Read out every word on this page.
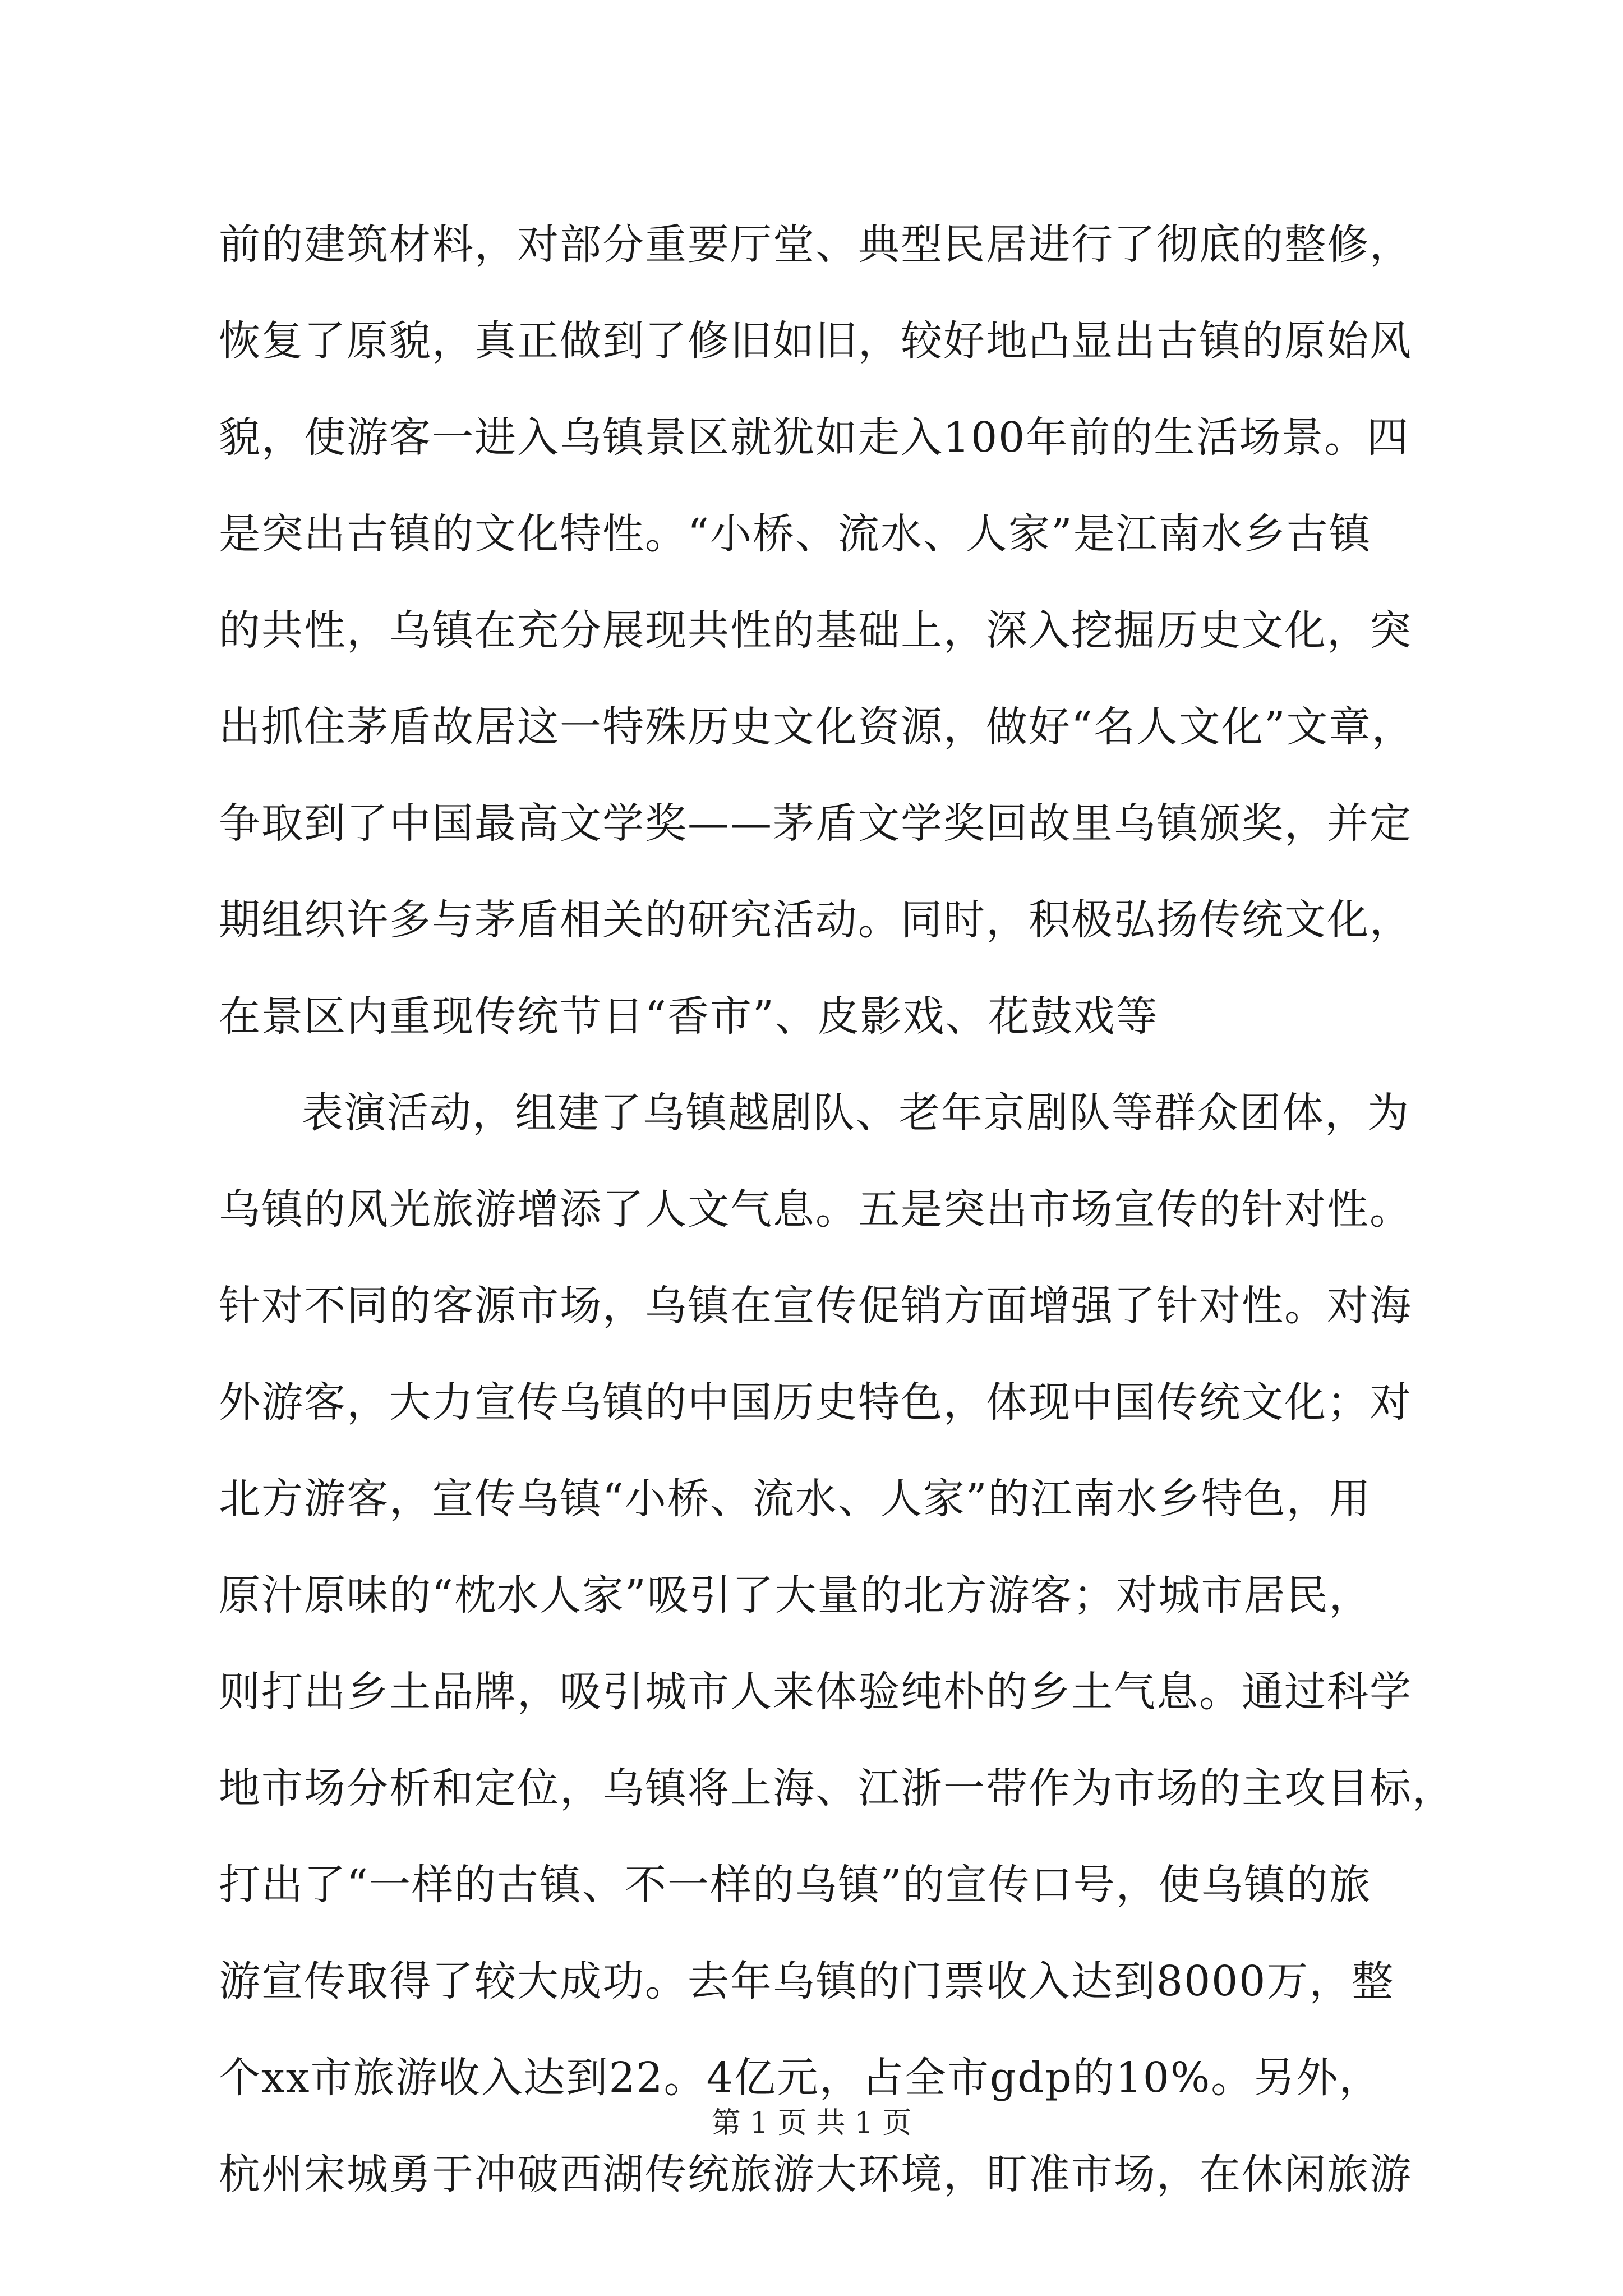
前的建筑材料，对部分重要厅堂、典型民居进行了彻底的整修，
恢复了原貌，真正做到了修旧如旧，较好地凸显出古镇的原始风
貌，使游客一进入乌镇景区就犹如走入100年前的生活场景。四
是突出古镇的文化特性。“小桥、流水、人家”是江南水乡古镇
的共性，乌镇在充分展现共性的基础上，深入挖掘历史文化，突
出抓住茅盾故居这一特殊历史文化资源，做好“名人文化”文章，
争取到了中国最高文学奖——茅盾文学奖回故里乌镇颁奖，并定
期组织许多与茅盾相关的研究活动。同时，积极弘扬传统文化，
在景区内重现传统节日“香市”、皮影戏、花鼓戏等
表演活动，组建了乌镇越剧队、老年京剧队等群众团体，为
乌镇的风光旅游增添了人文气息。五是突出市场宣传的针对性。
针对不同的客源市场，乌镇在宣传促销方面增强了针对性。对海
外游客，大力宣传乌镇的中国历史特色，体现中国传统文化；对
北方游客，宣传乌镇“小桥、流水、人家”的江南水乡特色，用
原汁原味的“枕水人家”吸引了大量的北方游客；对城市居民，
则打出乡土品牌，吸引城市人来体验纯朴的乡土气息。通过科学
地市场分析和定位，乌镇将上海、江浙一带作为市场的主攻目标，
打出了“一样的古镇、不一样的乌镇”的宣传口号，使乌镇的旅
游宣传取得了较大成功。去年乌镇的门票收入达到8000万，整
个xx市旅游收入达到22。4亿元，占全市gdp的10%。另外，
杭州宋城勇于冲破西湖传统旅游大环境，盯准市场，在休闲旅游
第 1 页 共 1 页
